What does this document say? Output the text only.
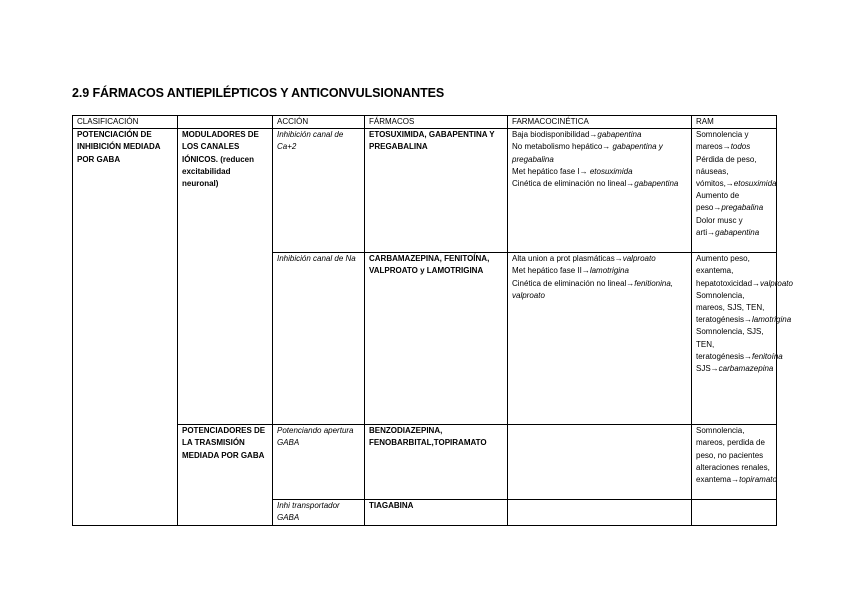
2.9 FÁRMACOS ANTIEPILÉPTICOS Y ANTICONVULSIONANTES
CLASIFICACIÓN		ACCIÓN	FÁRMACOS	FARMACOCINÉTICA	RAM
POTENCIACIÓN DE INHIBICIÓN MEDIADA POR GABA	MODULADORES DE LOS CANALES IÓNICOS. (reducen excitabilidad neuronal)	Inhibición canal de Ca+2	ETOSUXIMIDA, GABAPENTINA Y PREGABALINA	Baja biodisponibilidad→gabapentina
No metabolismo hepático→ gabapentina y pregabalina
Met hepático fase I→ etosuximida
Cinética de eliminación no lineal→gabapentina	Somnolencia y mareos→todos
Pérdida de peso, náuseas, vómitos,→etosuximida
Aumento de peso→pregabalina
Dolor musc y arti→gabapentina

		Inhibición canal de Na	CARBAMAZEPINA, FENITOÍNA, VALPROATO y LAMOTRIGINA	Alta union a prot plasmáticas→valproato
Met hepático fase II→lamotrigina
Cinética de eliminación no lineal→fenitionina, valproato	Aumento peso, exantema, hepatotoxicidad→valproato
Somnolencia, mareos, SJS, TEN, teratogénesis→lamotrigina
Somnolencia, SJS, TEN, teratogénesis→fenitoína
SJS→carbamazepina

	POTENCIADORES DE LA TRASMISIÓN MEDIADA POR GABA	Potenciando apertura GABA	BENZODIAZEPINA, FENOBARBITAL,TOPIRAMATO		Somnolencia, mareos, perdida de peso, no pacientes alteraciones renales, exantema→topiramato

		Inhi transportador GABA	TIAGABINA		
